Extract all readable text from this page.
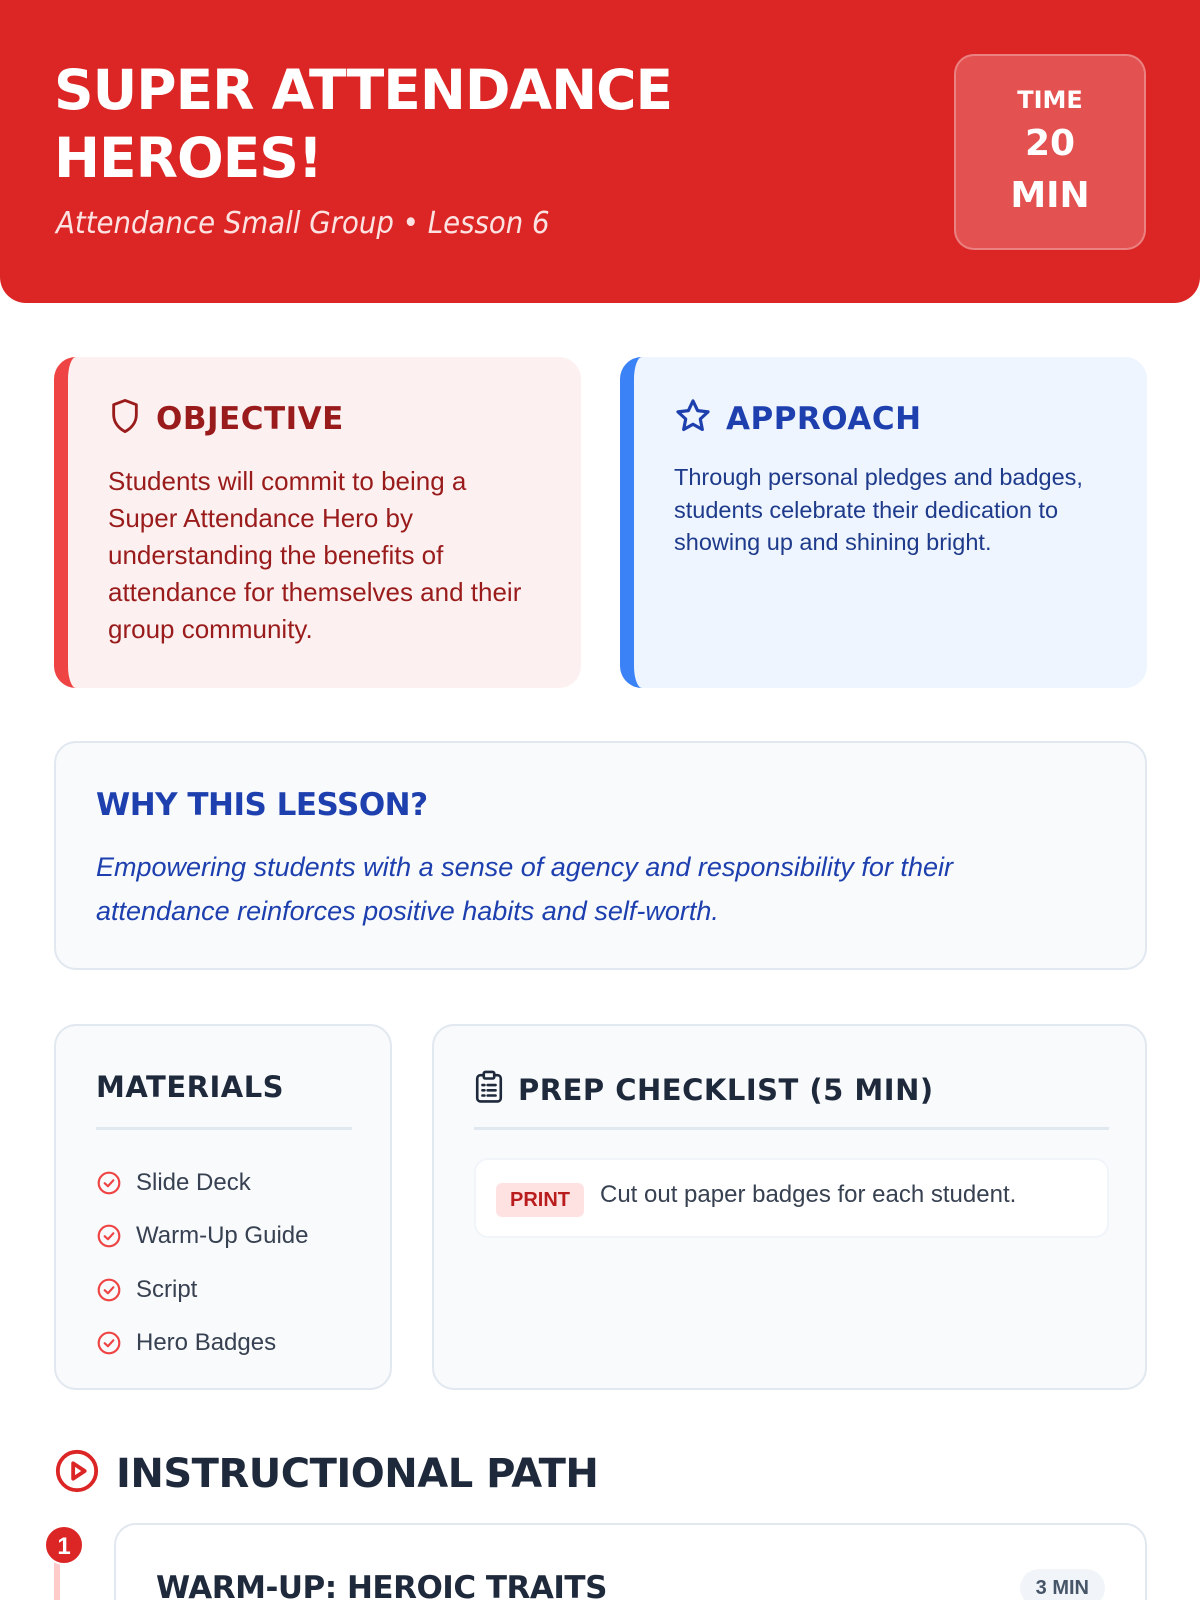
SUPER ATTENDANCE HEROES!
Attendance Small Group • Lesson 6
TIME
20 MIN
OBJECTIVE
Students will commit to being a Super Attendance Hero by understanding the benefits of attendance for themselves and their group community.
APPROACH
Through personal pledges and badges, students celebrate their dedication to showing up and shining bright.
WHY THIS LESSON?
Empowering students with a sense of agency and responsibility for their attendance reinforces positive habits and self-worth.
MATERIALS
Slide Deck
Warm-Up Guide
Script
Hero Badges
PREP CHECKLIST (5 MIN)
PRINT	Cut out paper badges for each student.
INSTRUCTIONAL PATH
WARM-UP: HEROIC TRAITS	3 MIN
1
